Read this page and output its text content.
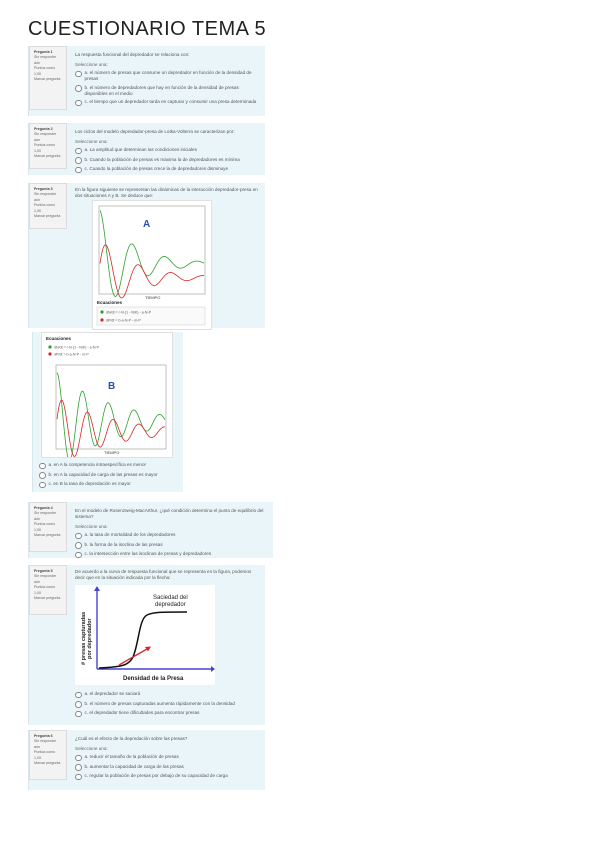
CUESTIONARIO TEMA 5
Pregunta 1
Sin responder aún
Puntúa como 1,00
Marcar pregunta
La respuesta funcional del depredador se relaciona con:
Seleccione una:
a. el número de presas que consume un depredador en función de la densidad de presas
b. el número de depredadores que hay en función de la densidad de presas disponibles en el medio
c. el tiempo que un depredador tarda en capturar y consumir una presa determinada
Pregunta 2
Sin responder aún
Puntúa como 1,00
Marcar pregunta
Los ciclos del modelo depredador-presa de Lotka-Volterra se caracterizan por:
Seleccione una:
a. La amplitud que determinan las condiciones iniciales
b. Cuando la población de presas es máxima la de depredadores es mínima
c. Cuando la población de presas crece la de depredadores disminuye
Pregunta 3
Sin responder aún
Puntúa como 1,00
Marcar pregunta
En la figura siguiente se representan las dinámicas de la interacción depredador-presa en dos situaciones A y B. Se deduce que:
A
TIEMPO
Ecuaciones
dN/dt = r·N·(1 - N/K) - a·N·P
dP/dt = b·a·N·P - m·P
Ecuaciones
dN/dt = r·N·(1 - N/K) - a·N·P
dP/dt = b·a·N·P - m·P
B
TIEMPO
a. en A la competencia intraespecífica es menor
b. en A la capacidad de carga de las presas es mayor
c. en B la tasa de depredación es mayor
Pregunta 4
Sin responder aún
Puntúa como 1,00
Marcar pregunta
En el modelo de Rosenzweig-MacArthur, ¿qué condición determina el punto de equilibrio del sistema?
Seleccione una:
a. la tasa de mortalidad de los depredadores
b. la forma de la isoclina de las presas
c. la intersección entre las isoclinas de presas y depredadores
Pregunta 5
Sin responder aún
Puntúa como 1,00
Marcar pregunta
De acuerdo a la curva de respuesta funcional que se representa en la figura, podemos decir que en la situación indicada por la flecha:
Saciedad del depredador
# presas capturadaspor depredador
Densidad de la Presa
a. el depredador se saciará
b. el número de presas capturadas aumenta rápidamente con la densidad
c. el depredador tiene dificultades para encontrar presas
Pregunta 6
Sin responder aún
Puntúa como 1,00
Marcar pregunta
¿Cuál es el efecto de la depredación sobre las presas?
Seleccione una:
a. reducir el tamaño de la población de presas
b. aumentar la capacidad de carga de las presas
c. regular la población de presas por debajo de su capacidad de carga
